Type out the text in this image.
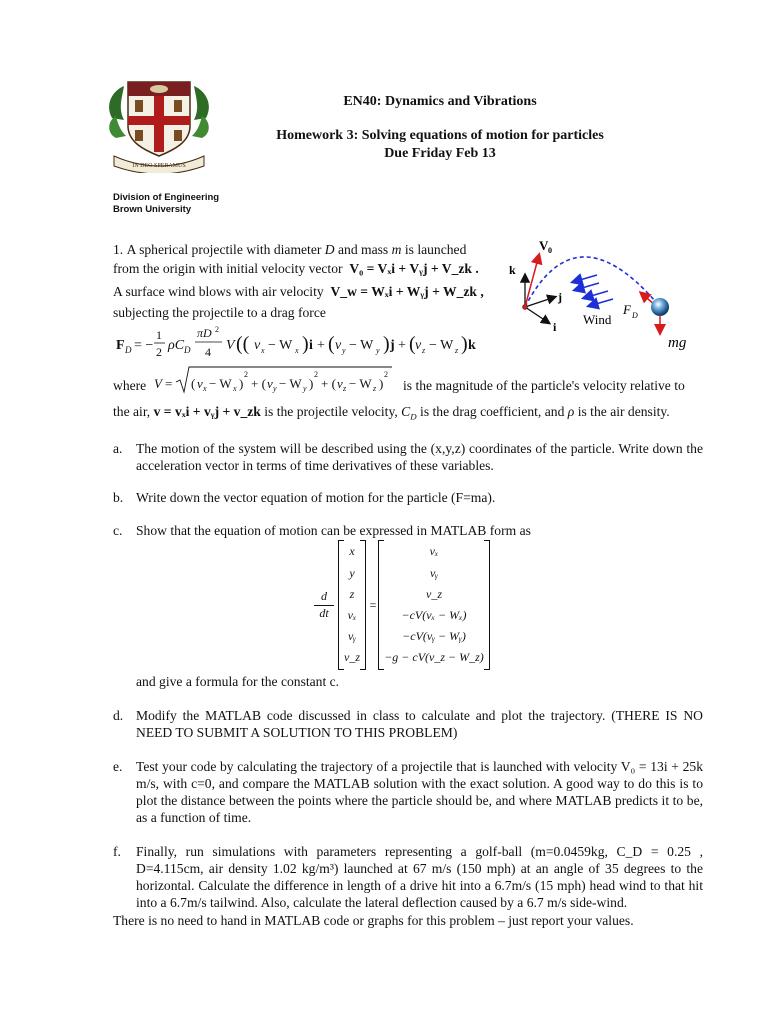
IN DEO SPERAMUS
EN40: Dynamics and Vibrations
Homework 3: Solving equations of motion for particles
Due Friday Feb 13
Division of Engineering
Brown University
V 0
k
j
i
F D
Wind
mg
1. A spherical projectile with diameter D and mass m is launched
from the origin with initial velocity vector  V₀ = Vₓi + Vᵧj + V_zk .
A surface wind blows with air velocity  V_w = Wₓi + Wᵧj + W_zk ,
subjecting the projectile to a drag force
F D = −
1
2 ρC D
πD 2
4 V (( v x − W x ) i + ( v y − W y ) j + ( v z − W z ) k
where V = ( v x − W x )
2
+ ( v y − W y )
2
+ ( v z − W z )
2
is the magnitude of the particle's velocity relative to
the air, v = vₓi + vᵧj + v_zk is the projectile velocity, $C_D$ is the drag coefficient, and ρ is the air density.
a. The motion of the system will be described using the (x,y,z) coordinates of the particle. Write down the acceleration vector in terms of time derivatives of these variables.
b. Write down the vector equation of motion for the particle (F=ma).
c. Show that the equation of motion can be expressed in MATLAB form as
d
dt
x
y
z
vₓ
vᵧ
v_z
=
vₓ
vᵧ
v_z
−cV(vₓ − Wₓ)
−cV(vᵧ − Wᵧ)
−g − cV(v_z − W_z)
and give a formula for the constant c.
d. Modify the MATLAB code discussed in class to calculate and plot the trajectory. (THERE IS NO NEED TO SUBMIT A SOLUTION TO THIS PROBLEM)
e. Test your code by calculating the trajectory of a projectile that is launched with velocity V₀ = 13i + 25k m/s, with c=0, and compare the MATLAB solution with the exact solution. A good way to do this is to plot the distance between the points where the particle should be, and where MATLAB predicts it to be, as a function of time.
f. Finally, run simulations with parameters representing a golf-ball (m=0.0459kg, C_D = 0.25 , D=4.115cm, air density 1.02 kg/m³) launched at 67 m/s (150 mph) at an angle of 35 degrees to the horizontal. Calculate the difference in length of a drive hit into a 6.7m/s (15 mph) head wind to that hit into a 6.7m/s tailwind. Also, calculate the lateral deflection caused by a 6.7 m/s side-wind.
There is no need to hand in MATLAB code or graphs for this problem – just report your values.
